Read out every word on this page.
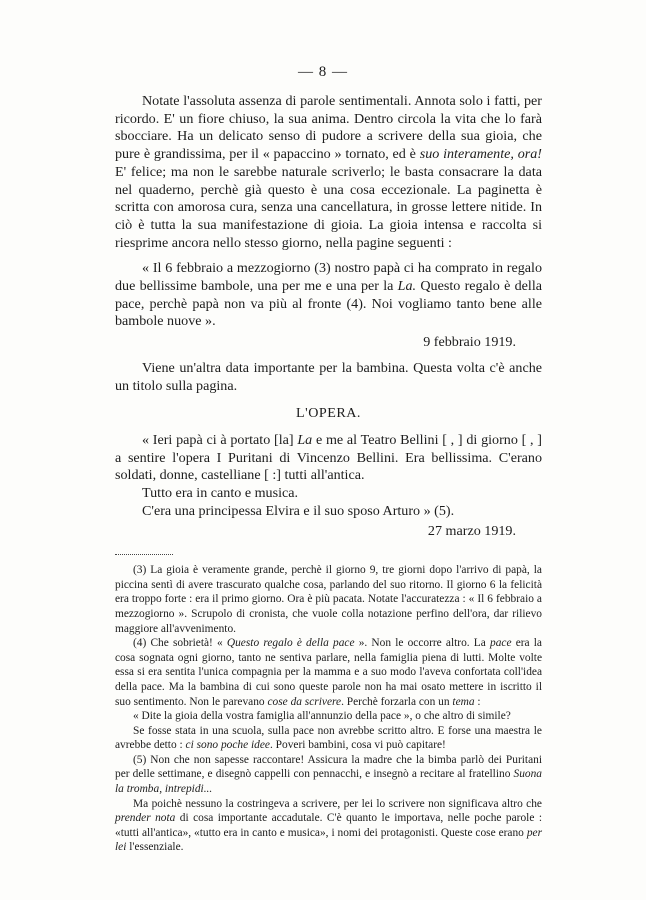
— 8 —

Notate l'assoluta assenza di parole sentimentali. Annota solo i fatti, per ricordo. E' un fiore chiuso, la sua anima. Dentro circola la vita che lo farà sbocciare. Ha un delicato senso di pudore a scrivere della sua gioia, che pure è grandissima, per il « papaccino » tornato, ed è suo interamente, ora! E' felice; ma non le sarebbe naturale scriverlo; le basta consacrare la data nel quaderno, perchè già questo è una cosa eccezionale. La paginetta è scritta con amorosa cura, senza una cancellatura, in grosse lettere nitide. In ciò è tutta la sua manifestazione di gioia. La gioia intensa e raccolta si riesprime ancora nello stesso giorno, nella pagine seguenti :

« Il 6 febbraio a mezzogiorno (3) nostro papà ci ha comprato in regalo due bellissime bambole, una per me e una per la La. Questo regalo è della pace, perchè papà non va più al fronte (4). Noi vogliamo tanto bene alle bambole nuove ».

9 febbraio 1919.

Viene un'altra data importante per la bambina. Questa volta c'è anche un titolo sulla pagina.

L'OPERA.

« Ieri papà ci à portato [la] La e me al Teatro Bellini [ , ] di giorno [ , ] a sentire l'opera I Puritani di Vincenzo Bellini. Era bellissima. C'erano soldati, donne, castelliane [ :] tutti all'antica.

Tutto era in canto e musica.

C'era una principessa Elvira e il suo sposo Arturo » (5).

27 marzo 1919.

(3) La gioia è veramente grande, perchè il giorno 9, tre giorni dopo l'arrivo di papà, la piccina sentì di avere trascurato qualche cosa, parlando del suo ritorno. Il giorno 6 la felicità era troppo forte : era il primo giorno. Ora è più pacata. Notate l'accuratezza : « Il 6 febbraio a mezzogiorno ». Scrupolo di cronista, che vuole colla notazione perfino dell'ora, dar rilievo maggiore all'avvenimento.

(4) Che sobrietà! « Questo regalo è della pace ». Non le occorre altro. La pace era la cosa sognata ogni giorno, tanto ne sentiva parlare, nella famiglia piena di lutti. Molte volte essa si era sentita l'unica compagnia per la mamma e a suo modo l'aveva confortata coll'idea della pace. Ma la bambina di cui sono queste parole non ha mai osato mettere in iscritto il suo sentimento. Non le parevano cose da scrivere. Perchè forzarla con un tema :

« Dite la gioia della vostra famiglia all'annunzio della pace », o che altro di simile?

Se fosse stata in una scuola, sulla pace non avrebbe scritto altro. E forse una maestra le avrebbe detto : ci sono poche idee. Poveri bambini, cosa vi può capitare!

(5) Non che non sapesse raccontare! Assicura la madre che la bimba parlò dei Puritani per delle settimane, e disegnò cappelli con pennacchi, e insegnò a recitare al fratellino Suona la tromba, intrepidi...

Ma poichè nessuno la costringeva a scrivere, per lei lo scrivere non significava altro che prender nota di cosa importante accadutale. C'è quanto le importava, nelle poche parole : «tutti all'antica», «tutto era in canto e musica», i nomi dei protagonisti. Queste cose erano per lei l'essenziale.
